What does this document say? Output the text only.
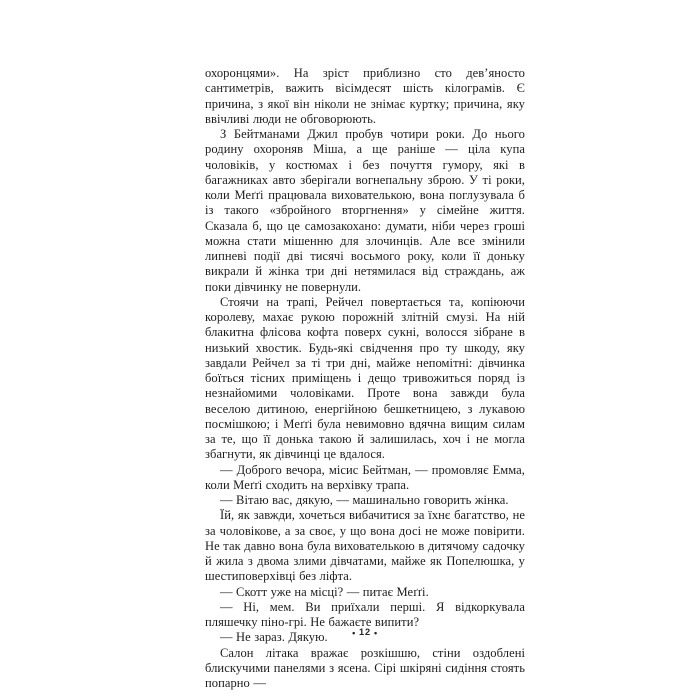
охоронцями». На зріст приблизно сто дев’яносто сантиметрів, важить вісімдесят шість кілограмів. Є причина, з якої він ніколи не знімає куртку; причина, яку ввічливі люди не обговорюють.

З Бейтманами Джил пробув чотири роки. До нього родину охороняв Міша, а ще раніше — ціла купа чоловіків, у костюмах і без почуття гумору, які в багажниках авто зберігали вогнепальну зброю. У ті роки, коли Меґґі працювала вихователькою, вона поглузувала б із такого «збройного вторгнення» у сімейне життя. Сказала б, що це самозакохано: думати, ніби через гроші можна стати мішенню для злочинців. Але все змінили липневі події дві тисячі восьмого року, коли її доньку викрали й жінка три дні нетямилася від страждань, аж поки дівчинку не повернули.

Стоячи на трапі, Рейчел повертається та, копіюючи королеву, махає рукою порожній злітній смузі. На ній блакитна флісова кофта поверх сукні, волосся зібране в низький хвостик. Будь-які свідчення про ту шкоду, яку завдали Рейчел за ті три дні, майже непомітні: дівчинка боїться тісних приміщень і дещо тривожиться поряд із незнайомими чоловіками. Проте вона завжди була веселою дитиною, енергійною бешкетницею, з лукавою посмішкою; і Меґґі була невимовно вдячна вищим силам за те, що її донька такою й залишилась, хоч і не могла збагнути, як дівчинці це вдалося.

— Доброго вечора, місис Бейтман, — промовляє Емма, коли Меґґі сходить на верхівку трапа.

— Вітаю вас, дякую, — машинально говорить жінка.

Їй, як завжди, хочеться вибачитися за їхнє багатство, не за чоловікове, а за своє, у що вона досі не може повірити. Не так давно вона була вихователькою в дитячому садочку й жила з двома злими дівчатами, майже як Попелюшка, у шестиповерхівці без ліфта.

— Скотт уже на місці? — питає Меґґі.

— Ні, мем. Ви приїхали перші. Я відкоркувала пляшечку піно-грі. Не бажаєте випити?

— Не зараз. Дякую.

Салон літака вражає розкішшю, стіни оздоблені блискучими панелями з ясена. Сірі шкіряні сидіння стоять попарно —

• 12 •
